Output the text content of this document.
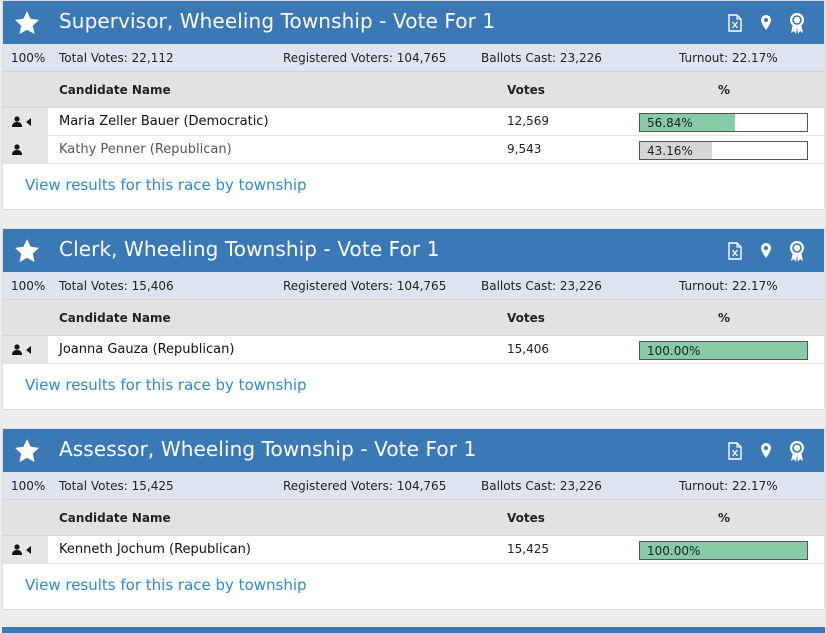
Supervisor, Wheeling Township - Vote For 1
100% Total Votes: 22,112	Registered Voters: 104,765	Ballots Cast: 23,226	Turnout: 22.17%
Candidate Name	Votes	%
Maria Zeller Bauer (Democratic)	12,569	56.84%
Kathy Penner (Republican)	9,543	43.16%
View results for this race by township
Clerk, Wheeling Township - Vote For 1
100% Total Votes: 15,406	Registered Voters: 104,765	Ballots Cast: 23,226	Turnout: 22.17%
Candidate Name	Votes	%
Joanna Gauza (Republican)	15,406	100.00%
View results for this race by township
Assessor, Wheeling Township - Vote For 1
100% Total Votes: 15,425	Registered Voters: 104,765	Ballots Cast: 23,226	Turnout: 22.17%
Candidate Name	Votes	%
Kenneth Jochum (Republican)	15,425	100.00%
View results for this race by township
